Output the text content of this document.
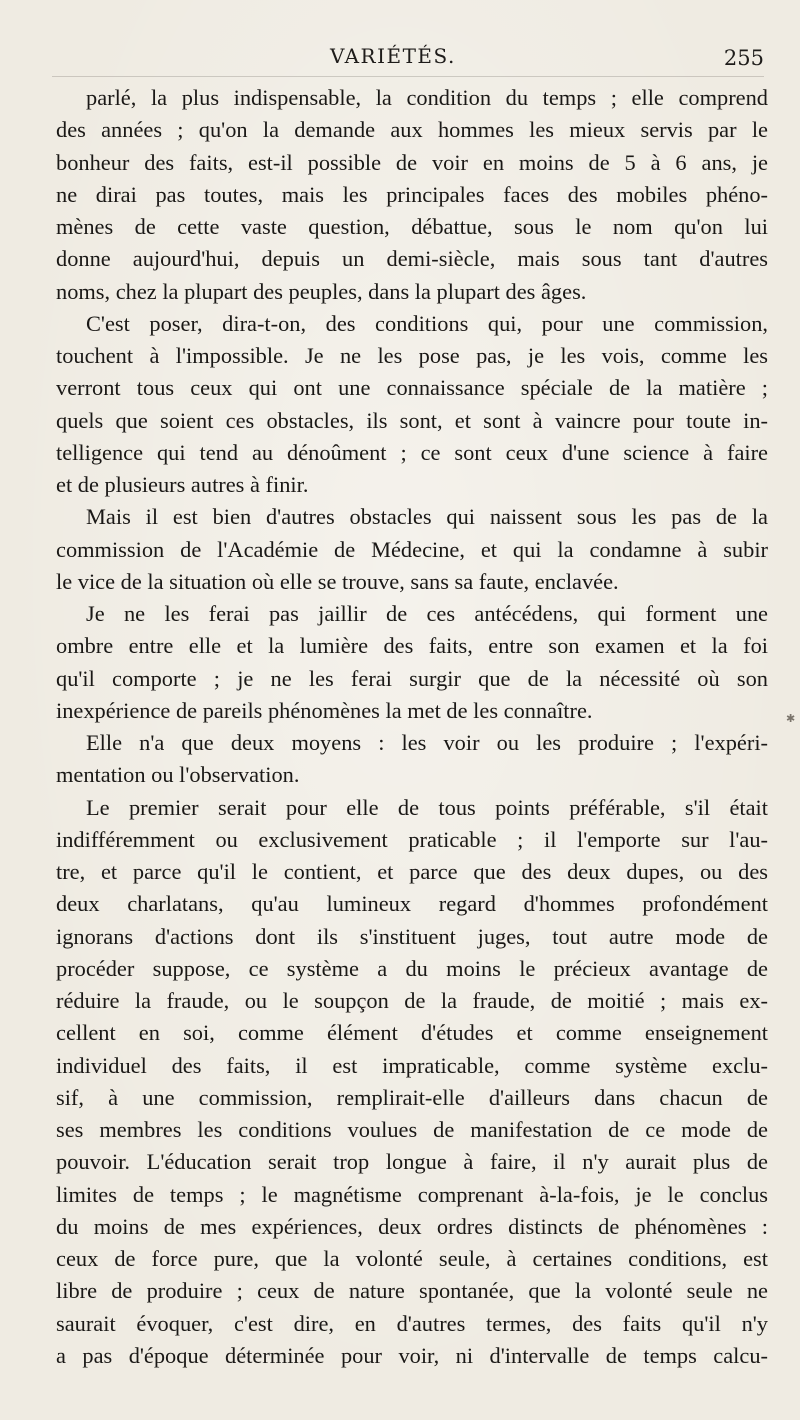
VARIÉTÉS.	255

parlé, la plus indispensable, la condition du temps ; elle comprend
des années ; qu'on la demande aux hommes les mieux servis par le
bonheur des faits, est-il possible de voir en moins de 5 à 6 ans, je
ne dirai pas toutes, mais les principales faces des mobiles phéno-
mènes de cette vaste question, débattue, sous le nom qu'on lui
donne aujourd'hui, depuis un demi-siècle, mais sous tant d'autres
noms, chez la plupart des peuples, dans la plupart des âges.

C'est poser, dira-t-on, des conditions qui, pour une commission,
touchent à l'impossible. Je ne les pose pas, je les vois, comme les
verront tous ceux qui ont une connaissance spéciale de la matière ;
quels que soient ces obstacles, ils sont, et sont à vaincre pour toute in-
telligence qui tend au dénoûment ; ce sont ceux d'une science à faire
et de plusieurs autres à finir.

Mais il est bien d'autres obstacles qui naissent sous les pas de la
commission de l'Académie de Médecine, et qui la condamne à subir
le vice de la situation où elle se trouve, sans sa faute, enclavée.

Je ne les ferai pas jaillir de ces antécédens, qui forment une
ombre entre elle et la lumière des faits, entre son examen et la foi
qu'il comporte ; je ne les ferai surgir que de la nécessité où son
inexpérience de pareils phénomènes la met de les connaître.

Elle n'a que deux moyens : les voir ou les produire ; l'expéri-
mentation ou l'observation.

Le premier serait pour elle de tous points préférable, s'il était
indifféremment ou exclusivement praticable ; il l'emporte sur l'au-
tre, et parce qu'il le contient, et parce que des deux dupes, ou des
deux charlatans, qu'au lumineux regard d'hommes profondément
ignorans d'actions dont ils s'instituent juges, tout autre mode de
procéder suppose, ce système a du moins le précieux avantage de
réduire la fraude, ou le soupçon de la fraude, de moitié ; mais ex-
cellent en soi, comme élément d'études et comme enseignement
individuel des faits, il est impraticable, comme système exclu-
sif, à une commission, remplirait-elle d'ailleurs dans chacun de
ses membres les conditions voulues de manifestation de ce mode de
pouvoir. L'éducation serait trop longue à faire, il n'y aurait plus de
limites de temps ; le magnétisme comprenant à-la-fois, je le conclus
du moins de mes expériences, deux ordres distincts de phénomènes :
ceux de force pure, que la volonté seule, à certaines conditions, est
libre de produire ; ceux de nature spontanée, que la volonté seule ne
saurait évoquer, c'est dire, en d'autres termes, des faits qu'il n'y
a pas d'époque déterminée pour voir, ni d'intervalle de temps calcu-

✱
